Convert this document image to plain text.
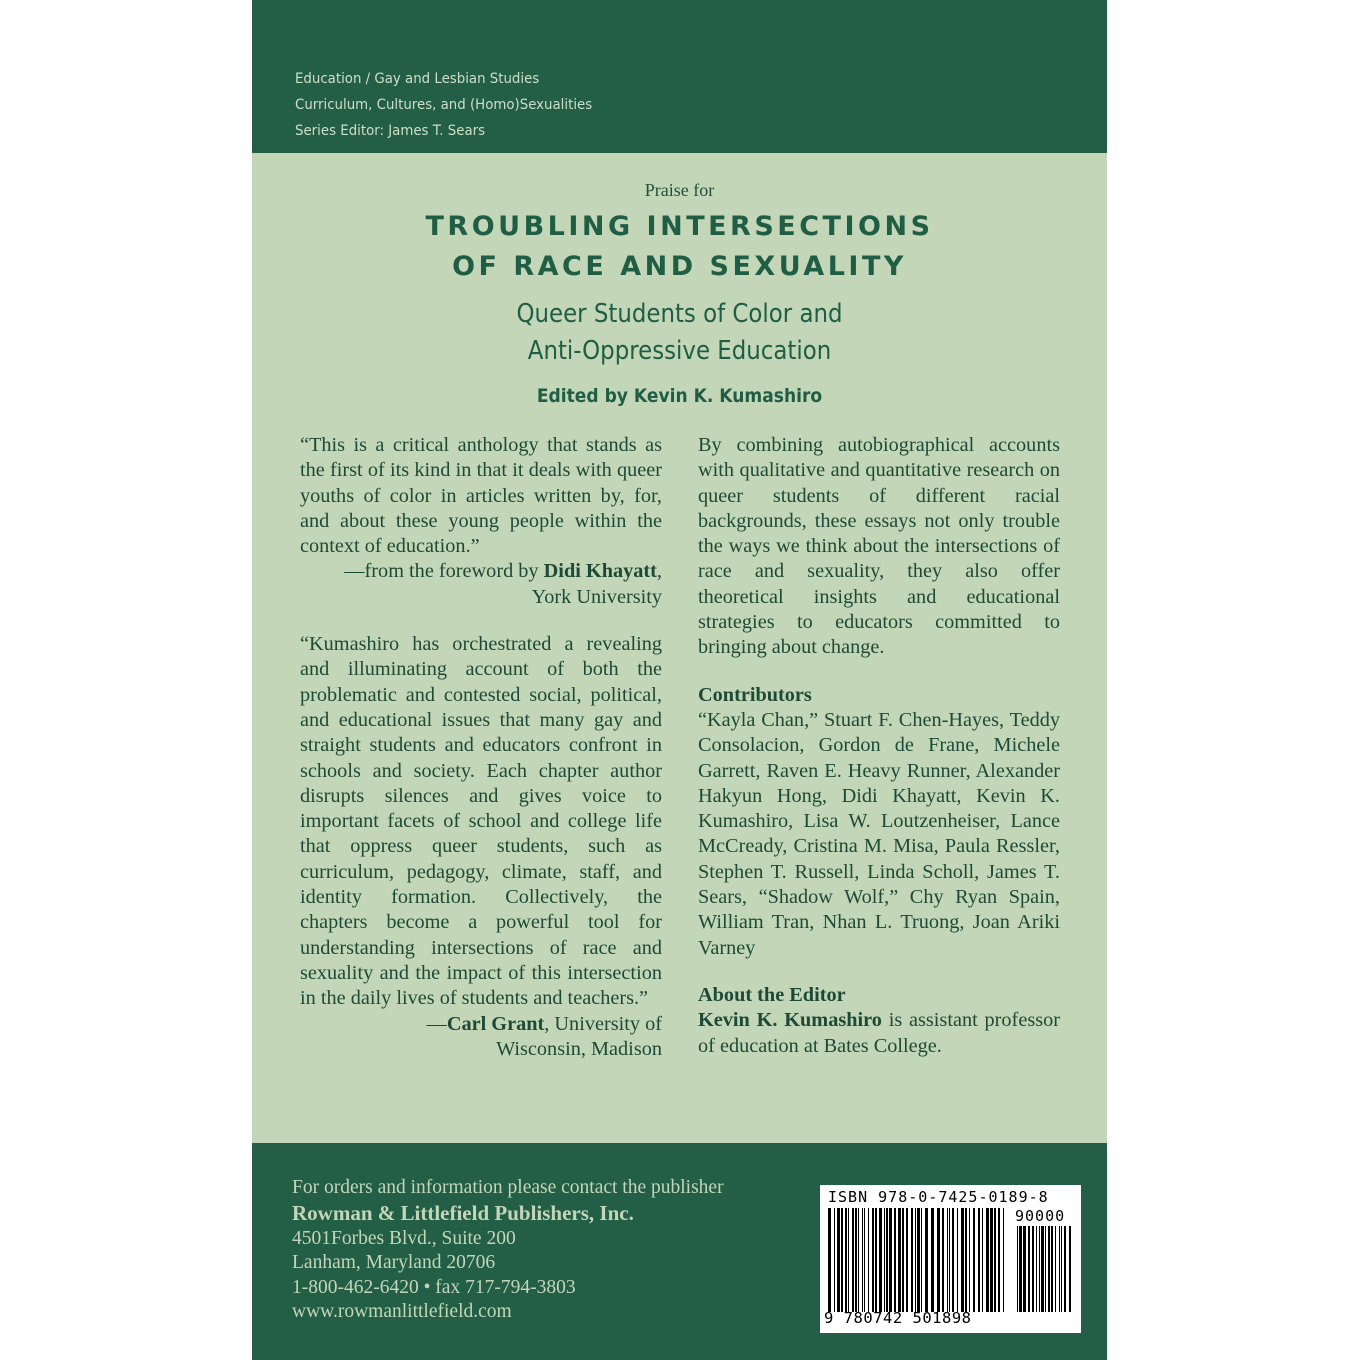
Education / Gay and Lesbian Studies
Curriculum, Cultures, and (Homo)Sexualities
Series Editor: James T. Sears
Praise for
TROUBLING INTERSECTIONS
OF RACE AND SEXUALITY
Queer Students of Color and
Anti-Oppressive Education
Edited by Kevin K. Kumashiro

“This is a critical anthology that stands as the first of its kind in that it deals with queer youths of color in articles written by, for, and about these young people within the context of education.”

—from the foreword by Didi Khayatt,
York University

“Kumashiro has orchestrated a revealing and illuminating account of both the problematic and contested social, political, and educational issues that many gay and straight students and educators confront in schools and society. Each chapter author disrupts silences and gives voice to important facets of school and college life that oppress queer students, such as curriculum, pedagogy, climate, staff, and identity formation. Collectively, the chapters become a powerful tool for understanding intersections of race and sexuality and the impact of this intersection in the daily lives of students and teachers.”

—Carl Grant, University of
Wisconsin, Madison

By combining autobiographical accounts with qualitative and quantitative research on queer students of different racial backgrounds, these essays not only trouble the ways we think about the intersections of race and sexuality, they also offer theoretical insights and educational strategies to educators committed to bringing about change.

Contributors

“Kayla Chan,” Stuart F. Chen-Hayes, Teddy Consolacion, Gordon de Frane, Michele Garrett, Raven E. Heavy Runner, Alexander Hakyun Hong, Didi Khayatt, Kevin K. Kumashiro, Lisa W. Loutzenheiser, Lance McCready, Cristina M. Misa, Paula Ressler, Stephen T. Russell, Linda Scholl, James T. Sears, “Shadow Wolf,” Chy Ryan Spain, William Tran, Nhan L. Truong, Joan Ariki Varney

About the Editor

Kevin K. Kumashiro is assistant professor of education at Bates College.

For orders and information please contact the publisher
Rowman & Littlefield Publishers, Inc.
4501Forbes Blvd., Suite 200
Lanham, Maryland 20706
1-800-462-6420 • fax 717-794-3803
www.rowmanlittlefield.com
ISBN 978-0-7425-0189-8
90000
9 780742 501898
